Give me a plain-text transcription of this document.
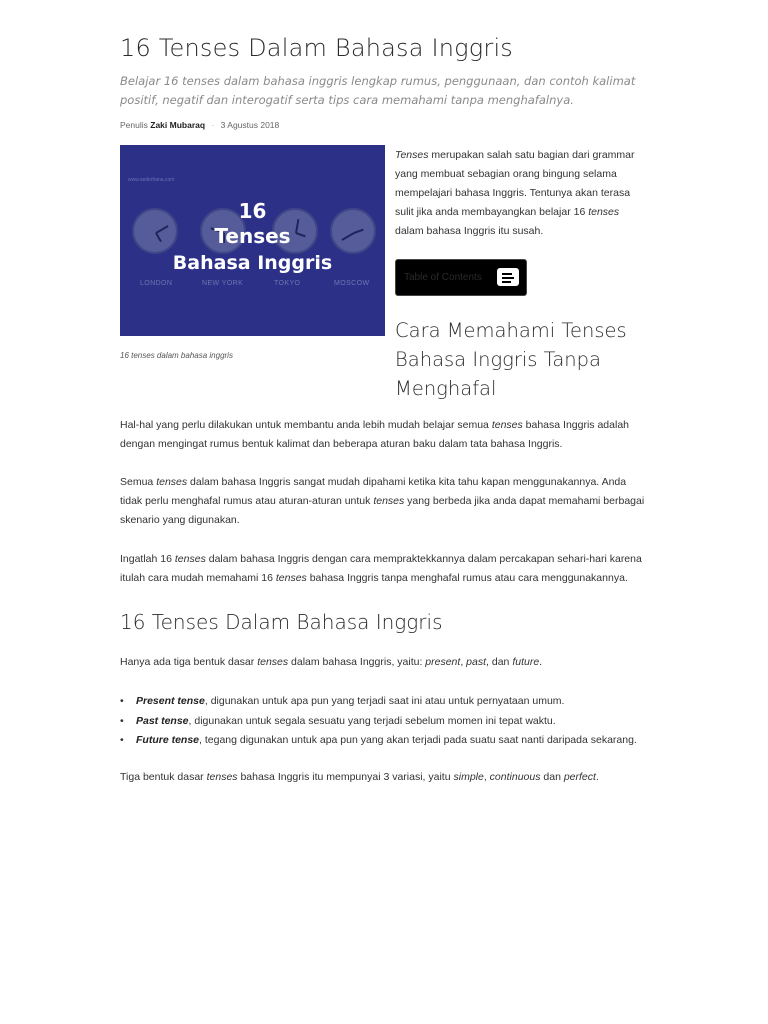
16 Tenses Dalam Bahasa Inggris

Belajar 16 tenses dalam bahasa inggris lengkap rumus, penggunaan, dan contoh kalimat positif, negatif dan interogatif serta tips cara memahami tanpa menghafalnya.

Penulis Zaki Mubaraq · 3 Agustus 2018
www.sederhana.com
LONDON	NEW YORK	TOKYO	MOSCOW
16
Tenses
Bahasa Inggris
16 tenses dalam bahasa inggris

Tenses merupakan salah satu bagian dari grammar yang membuat sebagian orang bingung selama mempelajari bahasa Inggris. Tentunya akan terasa sulit jika anda membayangkan belajar 16 tenses dalam bahasa Inggris itu susah.

Table of Contents
Cara Memahami Tenses Bahasa Inggris Tanpa Menghafal

Hal-hal yang perlu dilakukan untuk membantu anda lebih mudah belajar semua tenses bahasa Inggris adalah dengan mengingat rumus bentuk kalimat dan beberapa aturan baku dalam tata bahasa Inggris.

Semua tenses dalam bahasa Inggris sangat mudah dipahami ketika kita tahu kapan menggunakannya. Anda tidak perlu menghafal rumus atau aturan-aturan untuk tenses yang berbeda jika anda dapat memahami berbagai skenario yang digunakan.

Ingatlah 16 tenses dalam bahasa Inggris dengan cara mempraktekkannya dalam percakapan sehari-hari karena itulah cara mudah memahami 16 tenses bahasa Inggris tanpa menghafal rumus atau cara menggunakannya.

16 Tenses Dalam Bahasa Inggris

Hanya ada tiga bentuk dasar tenses dalam bahasa Inggris, yaitu: present, past, dan future.

• Present tense, digunakan untuk apa pun yang terjadi saat ini atau untuk pernyataan umum.
• Past tense, digunakan untuk segala sesuatu yang terjadi sebelum momen ini tepat waktu.
• Future tense, tegang digunakan untuk apa pun yang akan terjadi pada suatu saat nanti daripada sekarang.

Tiga bentuk dasar tenses bahasa Inggris itu mempunyai 3 variasi, yaitu simple, continuous dan perfect.
